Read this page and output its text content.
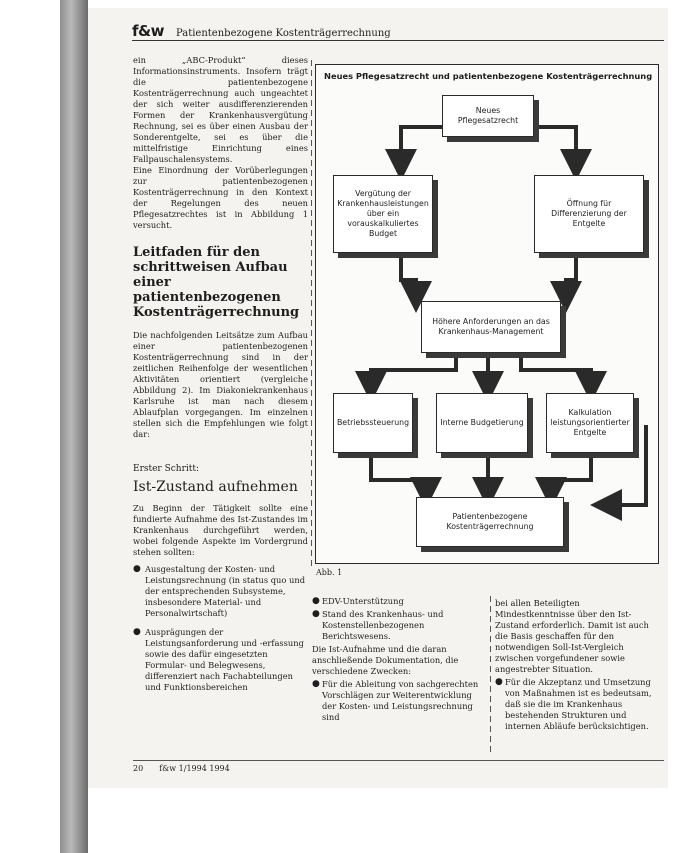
f&w Patientenbezogene Kostenträgerrechnung

ein „ABC-Produkt“ dieses Informationsinstruments. Insofern trägt die patientenbezogene Kostenträgerrechnung auch ungeachtet der sich weiter ausdifferenzierenden Formen der Krankenhausvergütung Rechnung, sei es über einen Ausbau der Sonderentgelte, sei es über die mittelfristige Einrichtung eines Fallpauschalensystems.

Eine Einordnung der Vorüberlegungen zur patientenbezogenen Kostenträgerrechnung in den Kontext der Regelungen des neuen Pflegesatzrechtes ist in Abbildung 1 versucht.

Leitfaden für den schrittweisen Aufbau einer patientenbezogenen Kostenträgerrechnung

Die nachfolgenden Leitsätze zum Aufbau einer patientenbezogenen Kostenträgerrechnung sind in der zeitlichen Reihenfolge der wesentlichen Aktivitäten orientiert (vergleiche Abbildung 2). Im Diakoniekrankenhaus Karlsruhe ist man nach diesem Ablaufplan vorgegangen. Im einzelnen stellen sich die Empfehlungen wie folgt dar:

Erster Schritt:

Ist-Zustand aufnehmen

Zu Beginn der Tätigkeit sollte eine fundierte Aufnahme des Ist-Zustandes im Krankenhaus durchgeführt werden, wobei folgende Aspekte im Vordergrund stehen sollten:

● Ausgestaltung der Kosten- und Leistungsrechnung (in status quo und der entsprechenden Subsysteme, insbesondere Material- und Personalwirtschaft)
● Ausprägungen der Leistungsanforderung und -erfassung sowie des dafür eingesetzten Formular- und Belegwesens, differenziert nach Fachabteilungen und Funktionsbereichen
Neues Pflegesatzrecht und patientenbezogene Kostenträgerrechnung
Neues Pflegesatzrecht
Vergütung der Krankenhausleistungen über ein vorauskalkuliertes Budget
Öffnung für Differenzierung der Entgelte
Höhere Anforderungen an das Krankenhaus-Management
Betriebssteuerung	Interne Budgetierung
Kalkulation leistungsorientierter Entgelte
Patientenbezogene Kostenträgerrechnung
Abb. 1
● EDV-Unterstützung
● Stand des Krankenhaus- und Kostenstellenbezogenen Berichtswesens.

Die Ist-Aufnahme und die daran anschließende Dokumentation, die verschiedene Zwecken:

● Für die Ableitung von sachgerechten Vorschlägen zur Weiterentwicklung der Kosten- und Leistungsrechnung sind

bei allen Beteiligten Mindestkenntnisse über den Ist-Zustand erforderlich. Damit ist auch die Basis geschaffen für den notwendigen Soll-Ist-Vergleich zwischen vorgefundener sowie angestrebter Situation.

● Für die Akzeptanz und Umsetzung von Maßnahmen ist es bedeutsam, daß sie die im Krankenhaus bestehenden Strukturen und internen Abläufe berücksichtigen.
20 f&w 1/1994 1994
